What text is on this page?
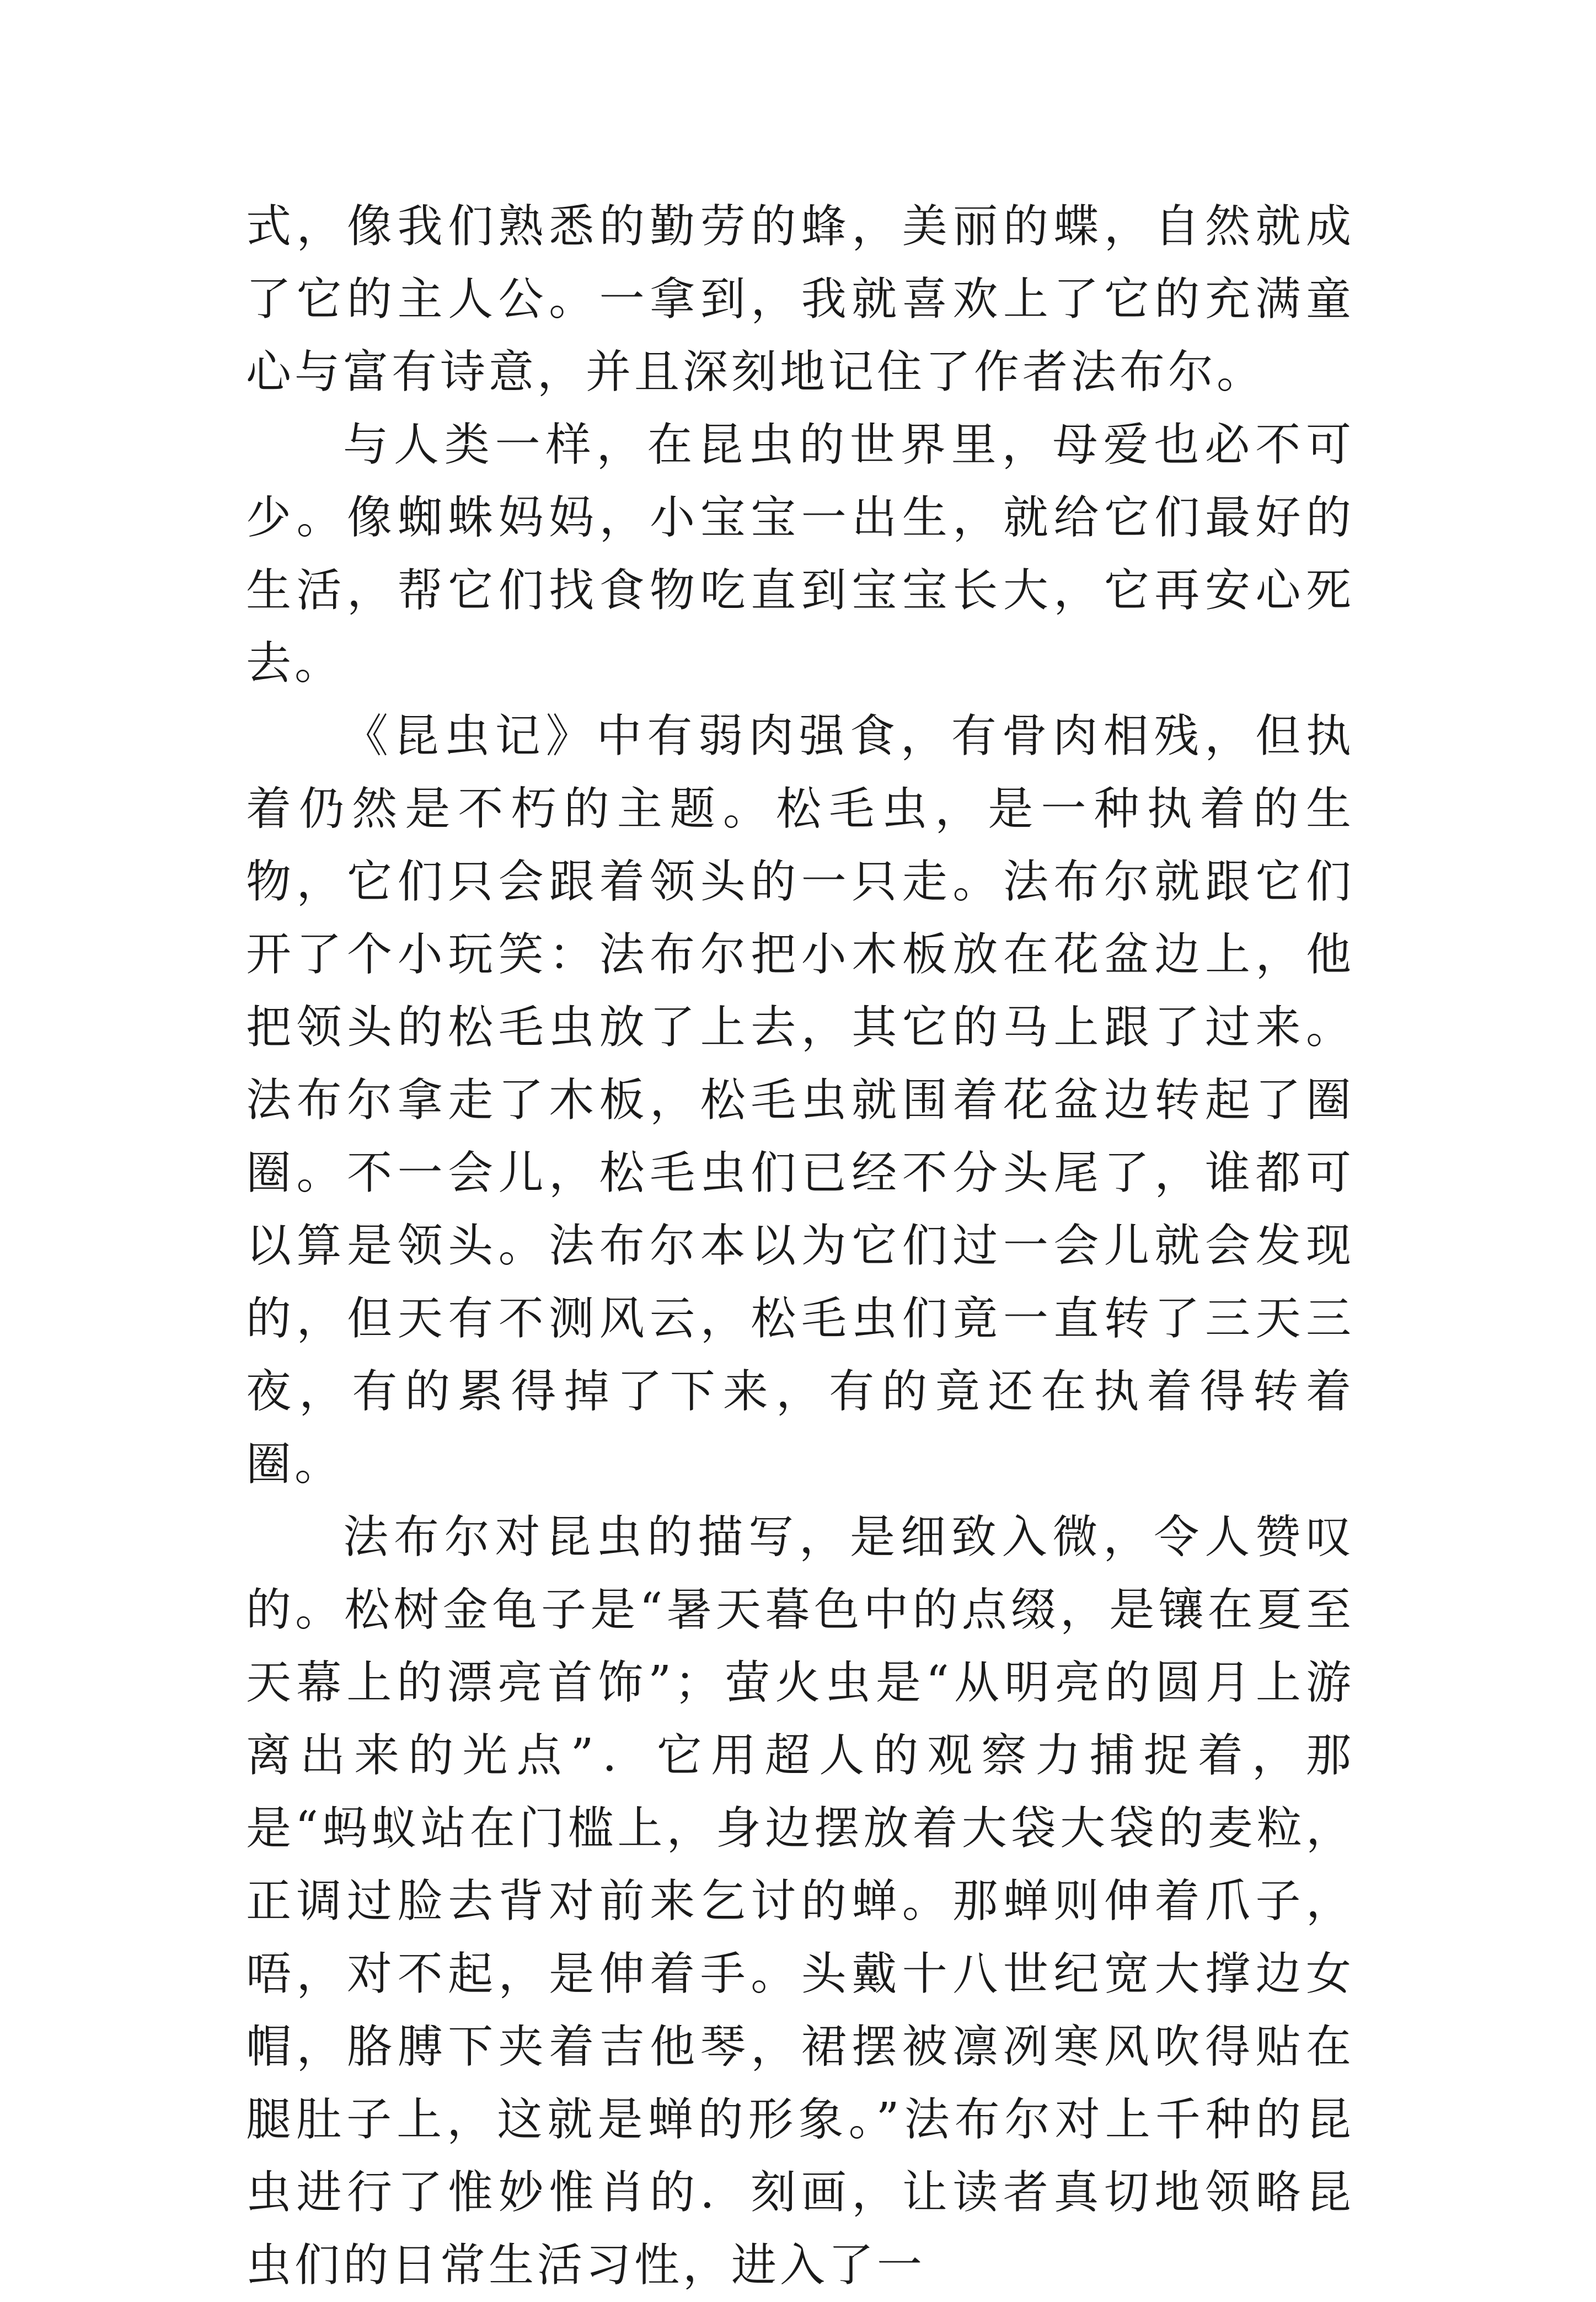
式，像我们熟悉的勤劳的蜂，美丽的蝶，自然就成了它的主人公。一拿到，我就喜欢上了它的充满童心与富有诗意，并且深刻地记住了作者法布尔。

与人类一样，在昆虫的世界里，母爱也必不可少。像蜘蛛妈妈，小宝宝一出生，就给它们最好的生活，帮它们找食物吃直到宝宝长大，它再安心死去。

《昆虫记》中有弱肉强食，有骨肉相残，但执着仍然是不朽的主题。松毛虫，是一种执着的生物，它们只会跟着领头的一只走。法布尔就跟它们开了个小玩笑：法布尔把小木板放在花盆边上，他把领头的松毛虫放了上去，其它的马上跟了过来。法布尔拿走了木板，松毛虫就围着花盆边转起了圈圈。不一会儿，松毛虫们已经不分头尾了，谁都可以算是领头。法布尔本以为它们过一会儿就会发现的，但天有不测风云，松毛虫们竟一直转了三天三夜，有的累得掉了下来，有的竟还在执着得转着圈。

法布尔对昆虫的描写，是细致入微，令人赞叹的。松树金龟子是“暑天暮色中的点缀，是镶在夏至天幕上的漂亮首饰”；萤火虫是“从明亮的圆月上游离出来的光点”．它用超人的观察力捕捉着，那是“蚂蚁站在门槛上，身边摆放着大袋大袋的麦粒，正调过脸去背对前来乞讨的蝉。那蝉则伸着爪子，唔，对不起，是伸着手。头戴十八世纪宽大撑边女帽，胳膊下夹着吉他琴，裙摆被凛冽寒风吹得贴在腿肚子上，这就是蝉的形象。”法布尔对上千种的昆虫进行了惟妙惟肖的．刻画，让读者真切地领略昆虫们的日常生活习性，进入了一
